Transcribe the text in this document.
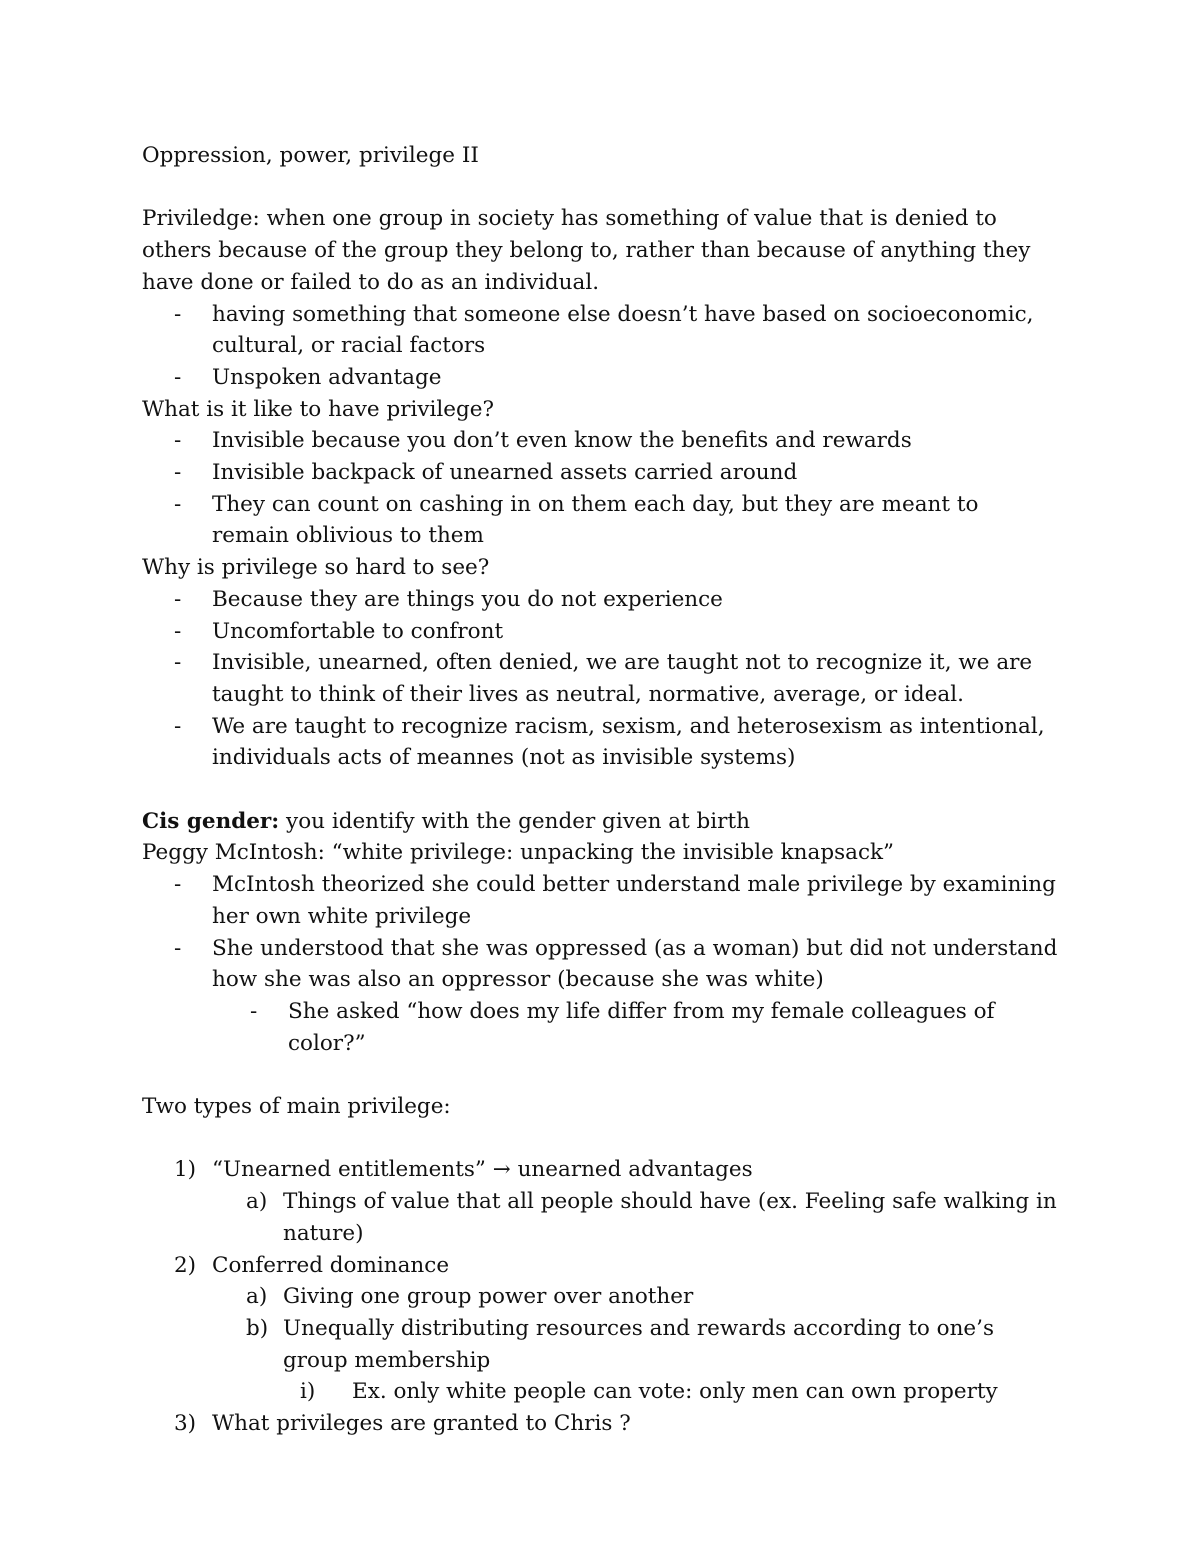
Oppression, power, privilege II

Priviledge: when one group in society has something of value that is denied to others because of the group they belong to, rather than because of anything they have done or failed to do as an individual.

- having something that someone else doesn’t have based on socioeconomic, cultural, or racial factors
- Unspoken advantage

What is it like to have privilege?

- Invisible because you don’t even know the benefits and rewards
- Invisible backpack of unearned assets carried around
- They can count on cashing in on them each day, but they are meant to remain oblivious to them

Why is privilege so hard to see?

- Because they are things you do not experience
- Uncomfortable to confront
- Invisible, unearned, often denied, we are taught not to recognize it, we are taught to think of their lives as neutral, normative, average, or ideal.
- We are taught to recognize racism, sexism, and heterosexism as intentional, individuals acts of meannes (not as invisible systems)

Cis gender: you identify with the gender given at birth

Peggy McIntosh: “white privilege: unpacking the invisible knapsack”

- McIntosh theorized she could better understand male privilege by examining her own white privilege
- She understood that she was oppressed (as a woman) but did not understand how she was also an oppressor (because she was white)
- She asked “how does my life differ from my female colleagues of color?”

Two types of main privilege:

1) “Unearned entitlements” → unearned advantages
a) Things of value that all people should have (ex. Feeling safe walking in nature)
2) Conferred dominance
a) Giving one group power over another
b) Unequally distributing resources and rewards according to one’s group membership
i) Ex. only white people can vote: only men can own property
3) What privileges are granted to Chris ?
